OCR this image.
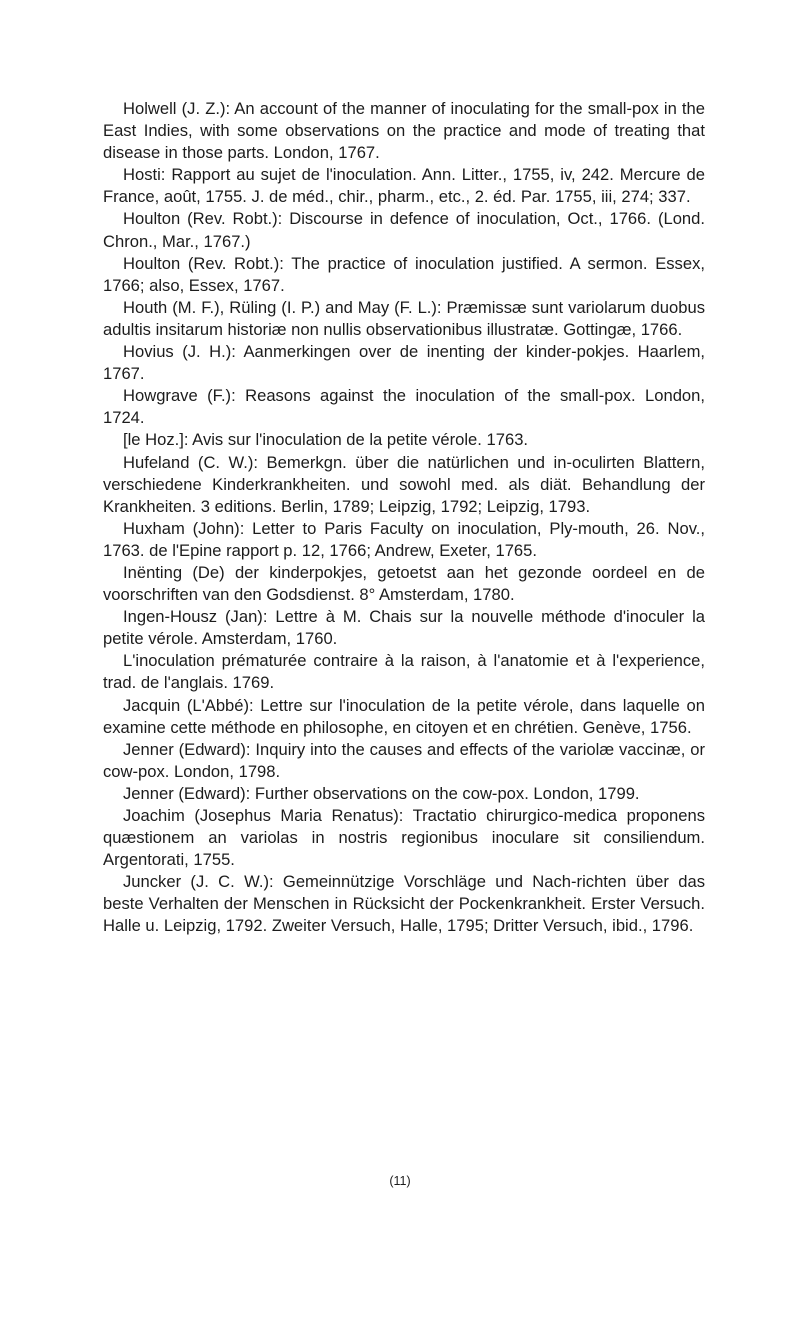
Holwell (J. Z.): An account of the manner of inoculating for the small-pox in the East Indies, with some observations on the practice and mode of treating that disease in those parts. London, 1767.

Hosti: Rapport au sujet de l'inoculation. Ann. Litter., 1755, iv, 242. Mercure de France, août, 1755. J. de méd., chir., pharm., etc., 2. éd. Par. 1755, iii, 274; 337.

Houlton (Rev. Robt.): Discourse in defence of inoculation, Oct., 1766. (Lond. Chron., Mar., 1767.)

Houlton (Rev. Robt.): The practice of inoculation justified. A sermon. Essex, 1766; also, Essex, 1767.

Houth (M. F.), Rüling (I. P.) and May (F. L.): Præmissæ sunt variolarum duobus adultis insitarum historiæ non nullis observationibus illustratæ. Gottingæ, 1766.

Hovius (J. H.): Aanmerkingen over de inenting der kinder-pokjes. Haarlem, 1767.

Howgrave (F.): Reasons against the inoculation of the small-pox. London, 1724.

[le Hoz.]: Avis sur l'inoculation de la petite vérole. 1763.

Hufeland (C. W.): Bemerkgn. über die natürlichen und in-oculirten Blattern, verschiedene Kinderkrankheiten. und sowohl med. als diät. Behandlung der Krankheiten. 3 editions. Berlin, 1789; Leipzig, 1792; Leipzig, 1793.

Huxham (John): Letter to Paris Faculty on inoculation, Ply-mouth, 26. Nov., 1763. de l'Epine rapport p. 12, 1766; Andrew, Exeter, 1765.

Inënting (De) der kinderpokjes, getoetst aan het gezonde oordeel en de voorschriften van den Godsdienst. 8° Amsterdam, 1780.

Ingen-Housz (Jan): Lettre à M. Chais sur la nouvelle méthode d'inoculer la petite vérole. Amsterdam, 1760.

L'inoculation prématurée contraire à la raison, à l'anatomie et à l'experience, trad. de l'anglais. 1769.

Jacquin (L'Abbé): Lettre sur l'inoculation de la petite vérole, dans laquelle on examine cette méthode en philosophe, en citoyen et en chrétien. Genève, 1756.

Jenner (Edward): Inquiry into the causes and effects of the variolæ vaccinæ, or cow-pox. London, 1798.

Jenner (Edward): Further observations on the cow-pox. London, 1799.

Joachim (Josephus Maria Renatus): Tractatio chirurgico-medica proponens quæstionem an variolas in nostris regionibus inoculare sit consiliendum. Argentorati, 1755.

Juncker (J. C. W.): Gemeinnützige Vorschläge und Nach-richten über das beste Verhalten der Menschen in Rücksicht der Pockenkrankheit. Erster Versuch. Halle u. Leipzig, 1792. Zweiter Versuch, Halle, 1795; Dritter Versuch, ibid., 1796.

(11)
